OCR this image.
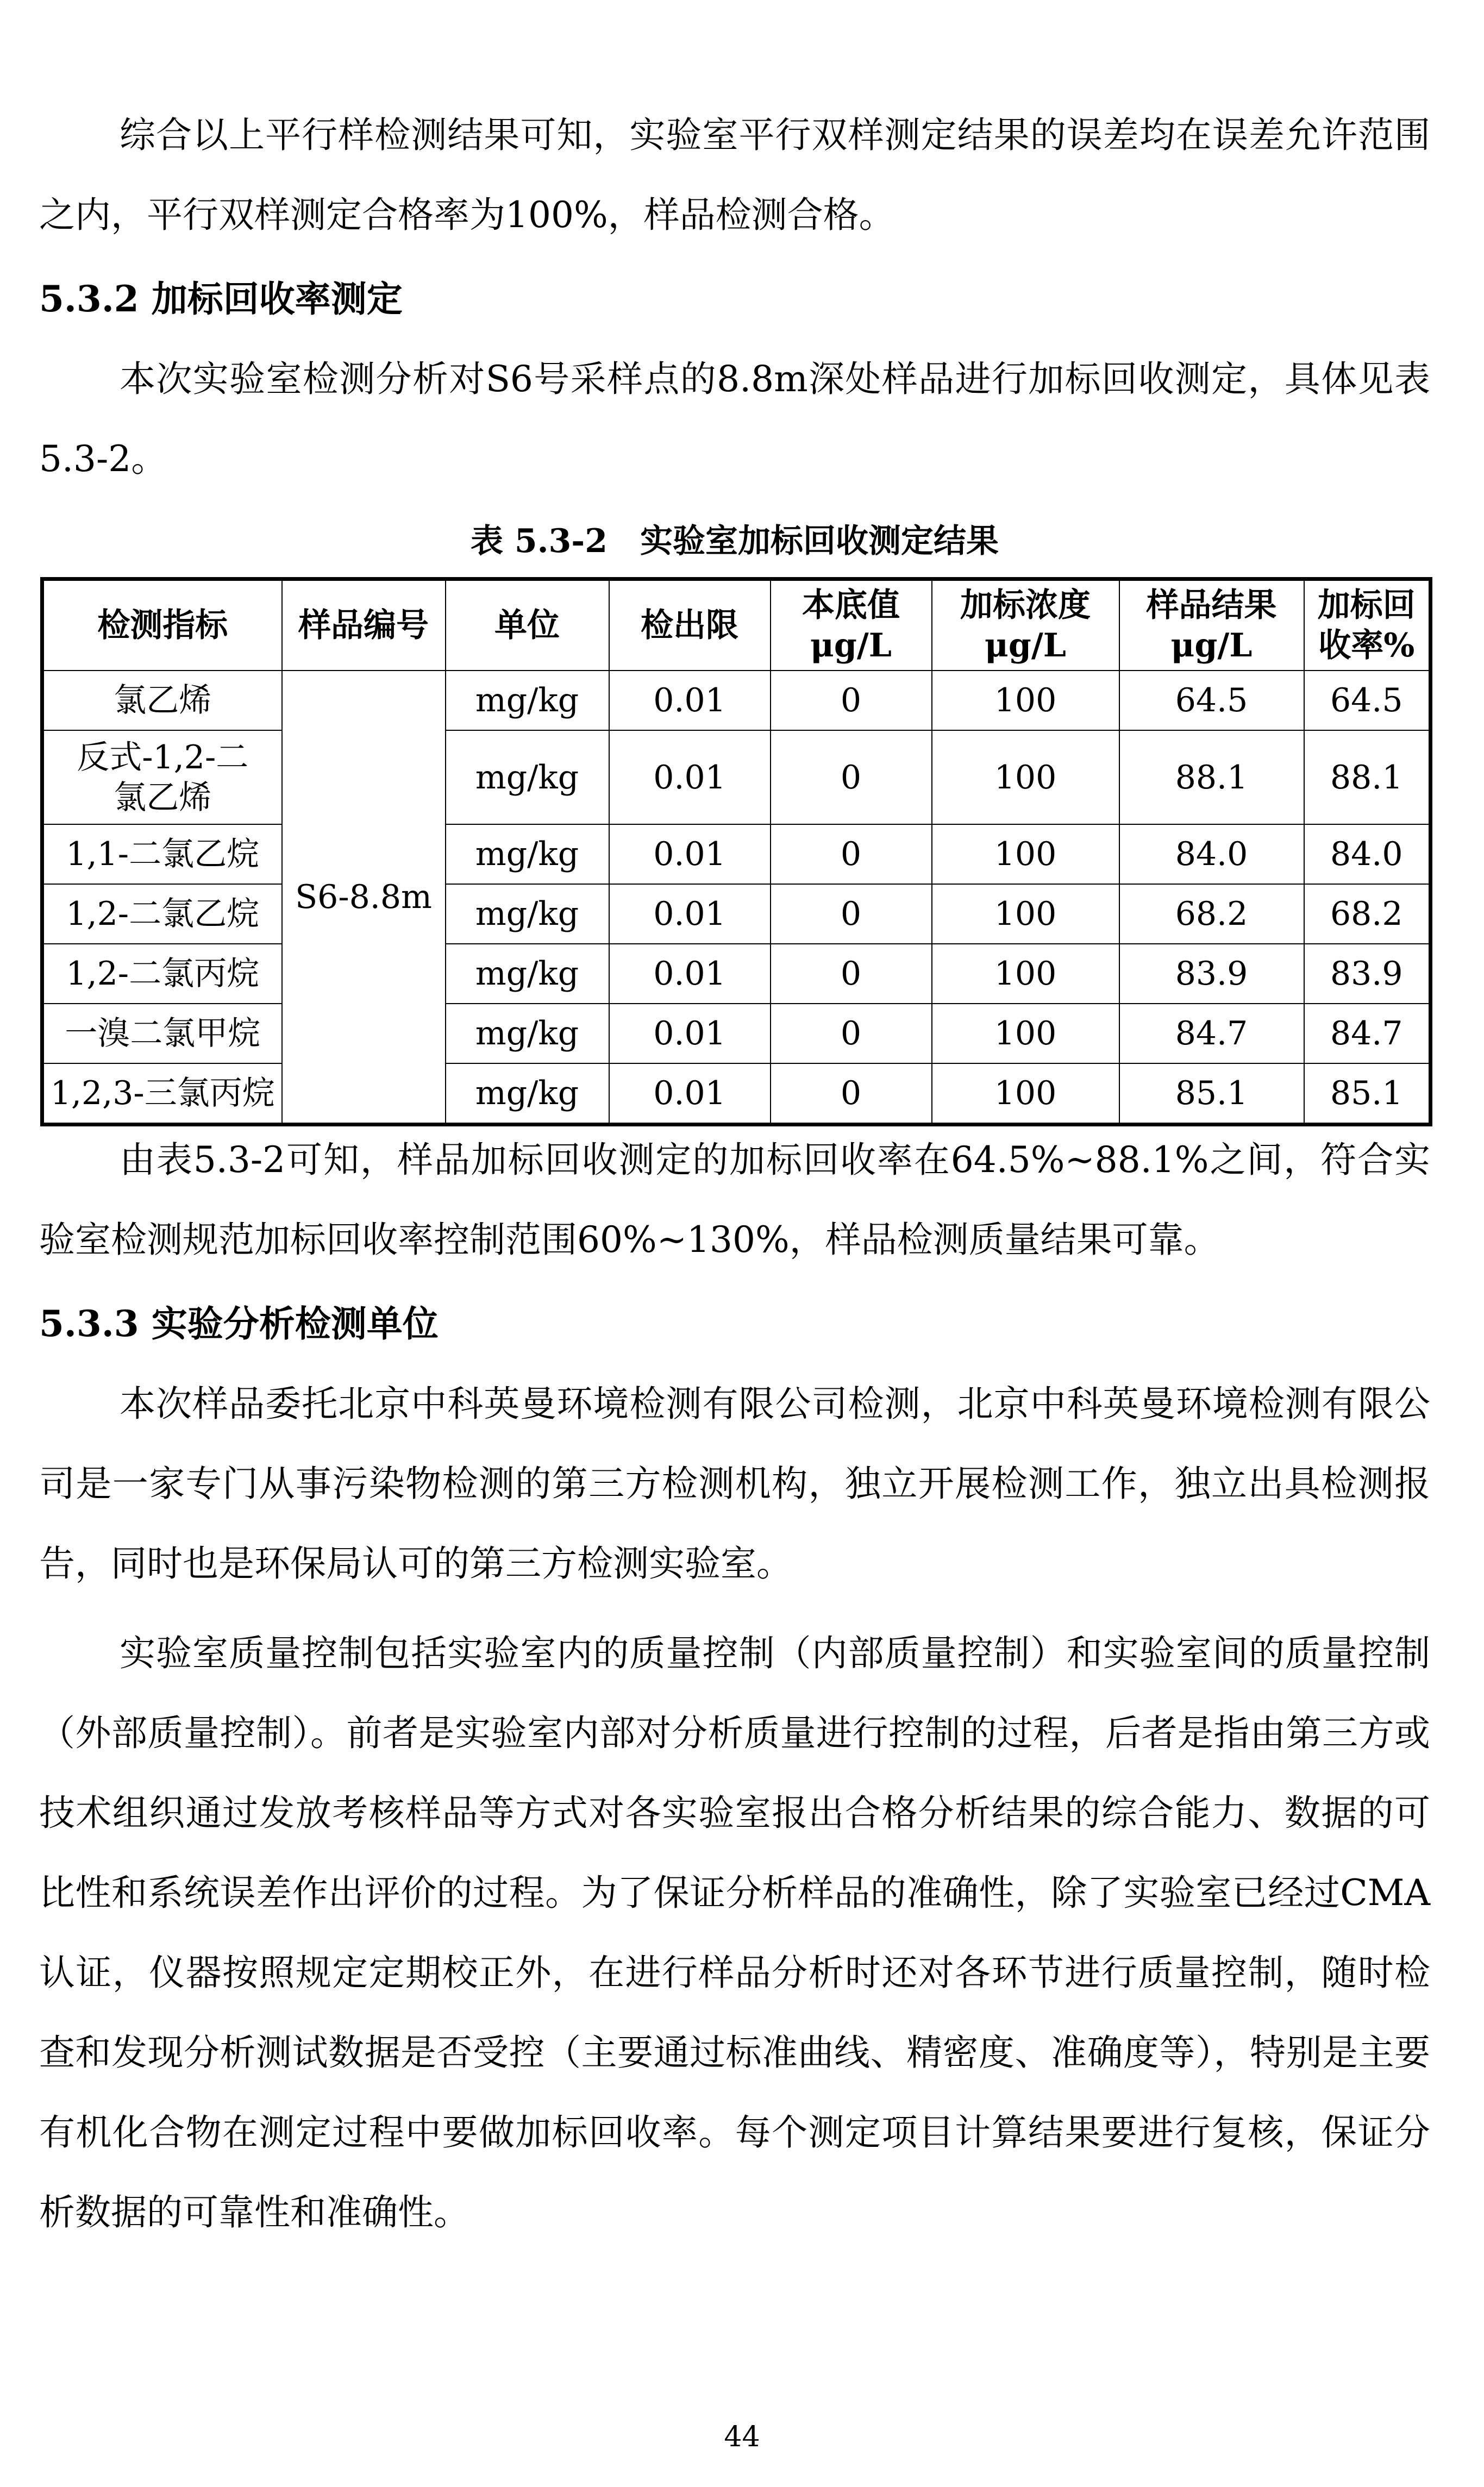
综合以上平行样检测结果可知，实验室平行双样测定结果的误差均在误差允许范围之内，平行双样测定合格率为100%，样品检测合格。

5.3.2 加标回收率测定

本次实验室检测分析对S6号采样点的8.8m深处样品进行加标回收测定，具体见表5.3-2。

表 5.3-2　实验室加标回收测定结果

检测指标	样品编号	单位	检出限	本底值μg/L	加标浓度μg/L	样品结果μg/L	加标回收率%
氯乙烯	S6-8.8m	mg/kg	0.01	0	100	64.5	64.5
反式-1,2-二氯乙烯		mg/kg	0.01	0	100	88.1	88.1
1,1-二氯乙烷		mg/kg	0.01	0	100	84.0	84.0
1,2-二氯乙烷		mg/kg	0.01	0	100	68.2	68.2
1,2-二氯丙烷		mg/kg	0.01	0	100	83.9	83.9
一溴二氯甲烷		mg/kg	0.01	0	100	84.7	84.7
1,2,3-三氯丙烷		mg/kg	0.01	0	100	85.1	85.1

由表5.3-2可知，样品加标回收测定的加标回收率在64.5%~88.1%之间，符合实验室检测规范加标回收率控制范围60%~130%，样品检测质量结果可靠。

5.3.3 实验分析检测单位

本次样品委托北京中科英曼环境检测有限公司检测，北京中科英曼环境检测有限公司是一家专门从事污染物检测的第三方检测机构，独立开展检测工作，独立出具检测报告，同时也是环保局认可的第三方检测实验室。

实验室质量控制包括实验室内的质量控制（内部质量控制）和实验室间的质量控制（外部质量控制）。前者是实验室内部对分析质量进行控制的过程，后者是指由第三方或技术组织通过发放考核样品等方式对各实验室报出合格分析结果的综合能力、数据的可比性和系统误差作出评价的过程。为了保证分析样品的准确性，除了实验室已经过CMA认证，仪器按照规定定期校正外，在进行样品分析时还对各环节进行质量控制，随时检查和发现分析测试数据是否受控（主要通过标准曲线、精密度、准确度等），特别是主要有机化合物在测定过程中要做加标回收率。每个测定项目计算结果要进行复核，保证分析数据的可靠性和准确性。

44
